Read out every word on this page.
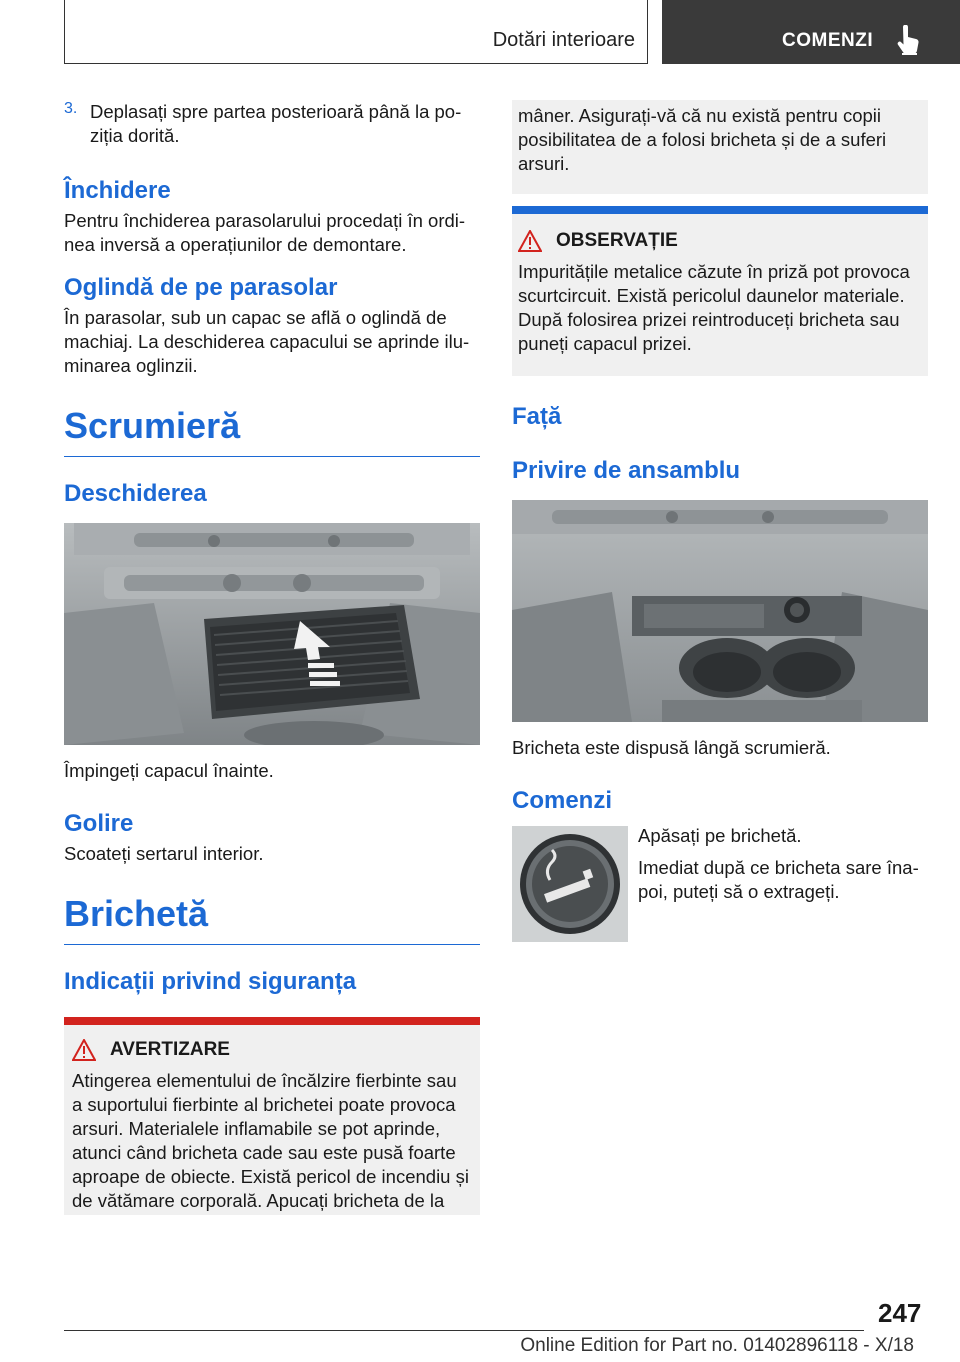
Dotări interioare	COMENZI
3. Deplasați spre partea posterioară până la po‐ziția dorită.

Închidere

Pentru închiderea parasolarului procedați în ordi‐nea inversă a operațiunilor de demontare.

Oglindă de pe parasolar

În parasolar, sub un capac se află o oglindă de machiaj. La deschiderea capacului se aprinde ilu‐minarea oglinzii.

Scrumieră
Deschiderea

Împingeți capacul înainte.

Golire

Scoateți sertarul interior.

Brichetă
Indicații privind siguranța
AVERTIZARE

Atingerea elementului de încălzire fierbinte sau a suportului fierbinte al brichetei poate provoca arsuri. Materialele inflamabile se pot aprinde, atunci când bricheta cade sau este pusă foarte aproape de obiecte. Există pericol de incendiu și de vătămare corporală. Apucați bricheta de la

mâner. Asigurați-vă că nu există pentru copii posibilitatea de a folosi bricheta și de a suferi arsuri.

OBSERVAȚIE

Impuritățile metalice căzute în priză pot provoca scurtcircuit. Există pericolul daunelor materiale. După folosirea prizei reintroduceți bricheta sau puneți capacul prizei.

Față
Privire de ansamblu

Bricheta este dispusă lângă scrumieră.

Comenzi

Apăsați pe brichetă.

Imediat după ce bricheta sare îna‐poi, puteți să o extrageți.

247
Online Edition for Part no. 01402896118 - X/18
